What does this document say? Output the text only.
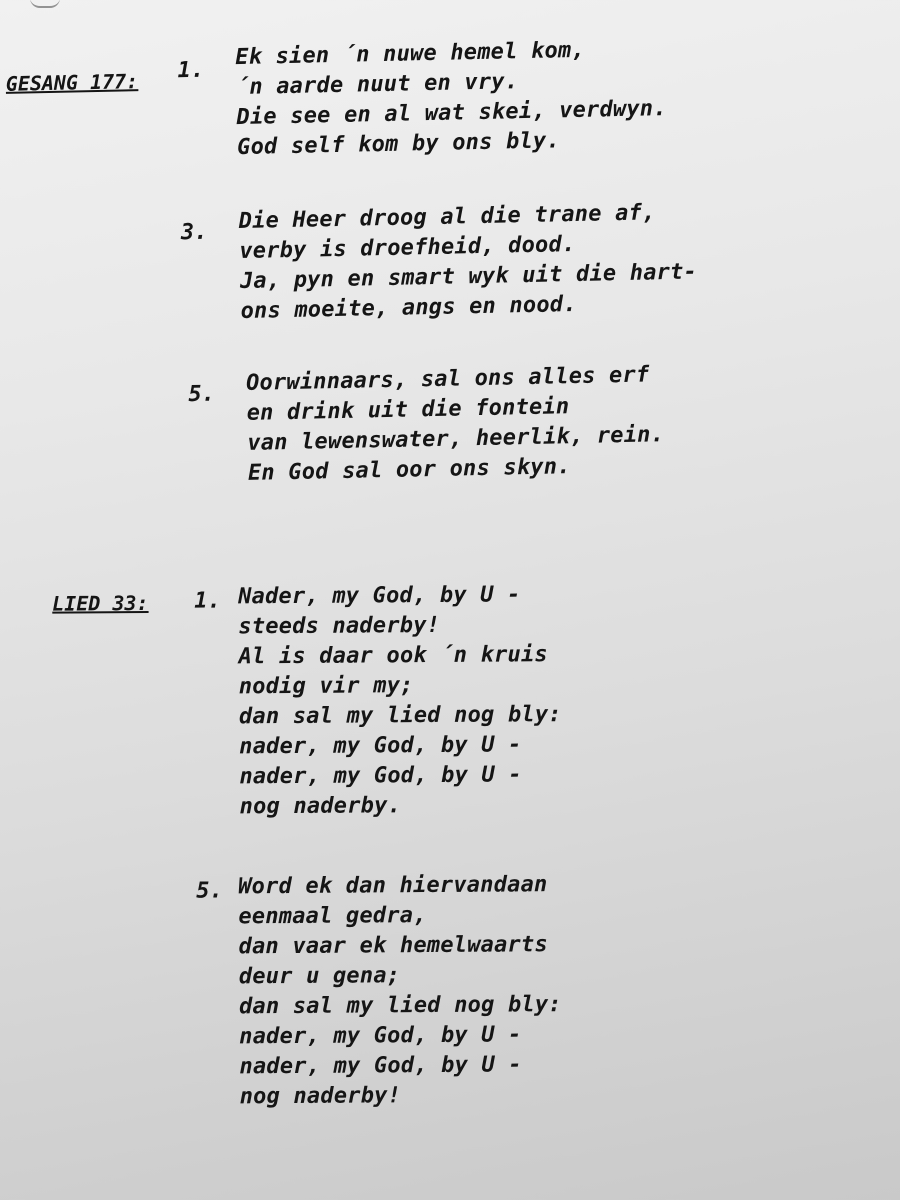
GESANG 177: 1.
Ek sien ´n nuwe hemel kom,
´n aarde nuut en vry.
Die see en al wat skei, verdwyn.
God self kom by ons bly.
3. Die Heer droog al die trane af,
verby is droefheid, dood.
Ja, pyn en smart wyk uit die hart-
ons moeite, angs en nood.
5. Oorwinnaars, sal ons alles erf
en drink uit die fontein
van lewenswater, heerlik, rein.
En God sal oor ons skyn.
LIED 33: 1. Nader, my God, by U -
steeds naderby!
Al is daar ook ´n kruis
nodig vir my;
dan sal my lied nog bly:
nader, my God, by U -
nader, my God, by U -
nog naderby.
5. Word ek dan hiervandaan
eenmaal gedra,
dan vaar ek hemelwaarts
deur u gena;
dan sal my lied nog bly:
nader, my God, by U -
nader, my God, by U -
nog naderby!
